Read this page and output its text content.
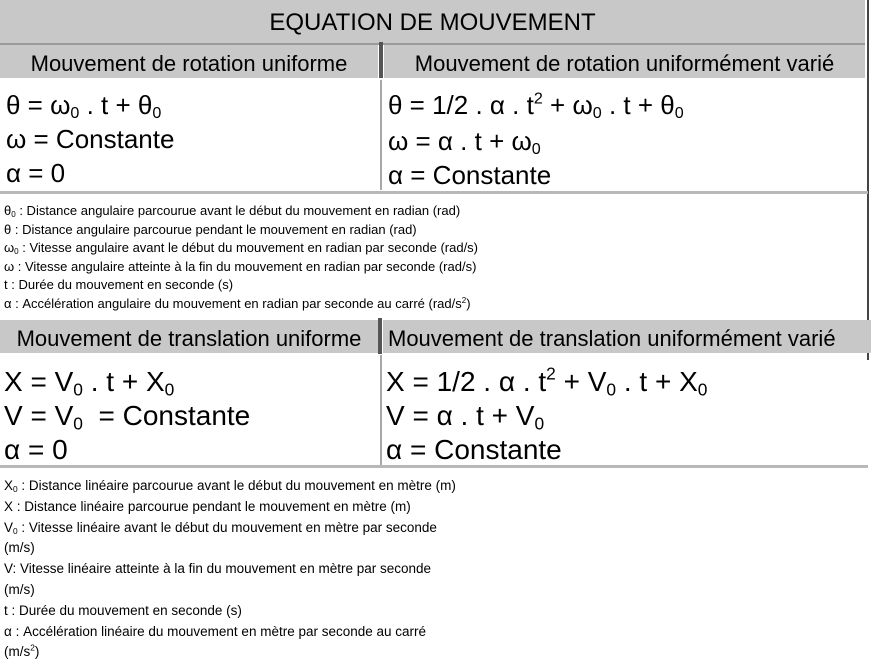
EQUATION DE MOUVEMENT
Mouvement de rotation uniforme	Mouvement de rotation uniformément varié
$\theta = \omega_0$ . $t + \theta_0$
ω = Constante
α = 0
θ = 1/2 . α . $t^2 + \omega_0$ . $t + \theta_0$
ω = α . $t + \omega_0$
α = Constante
$\theta_0$ : Distance angulaire parcourue avant le début du mouvement en radian (rad)
θ : Distance angulaire parcourue pendant le mouvement en radian (rad)
$\omega_0$ : Vitesse angulaire avant le début du mouvement en radian par seconde (rad/s)
ω : Vitesse angulaire atteinte à la fin du mouvement en radian par seconde (rad/s)
t : Durée du mouvement en seconde (s)
α : Accélération angulaire du mouvement en radian par seconde au carré $(rad/s^2)$
Mouvement de translation uniforme	Mouvement de translation uniformément varié
$X = V_0$ . $t + X_0$
$V = V_0$  = Constante
α = 0
X = 1/2 . α . $t^2 + V_0$ . $t + X_0$
V = α . $t + V_0$
α = Constante
$X_0$ : Distance linéaire parcourue avant le début du mouvement en mètre (m)
X : Distance linéaire parcourue pendant le mouvement en mètre (m)
$V_0$ : Vitesse linéaire avant le début du mouvement en mètre par seconde
(m/s)
V: Vitesse linéaire atteinte à la fin du mouvement en mètre par seconde
(m/s)
t : Durée du mouvement en seconde (s)
α : Accélération linéaire du mouvement en mètre par seconde au carré
$(m/s^2)$
